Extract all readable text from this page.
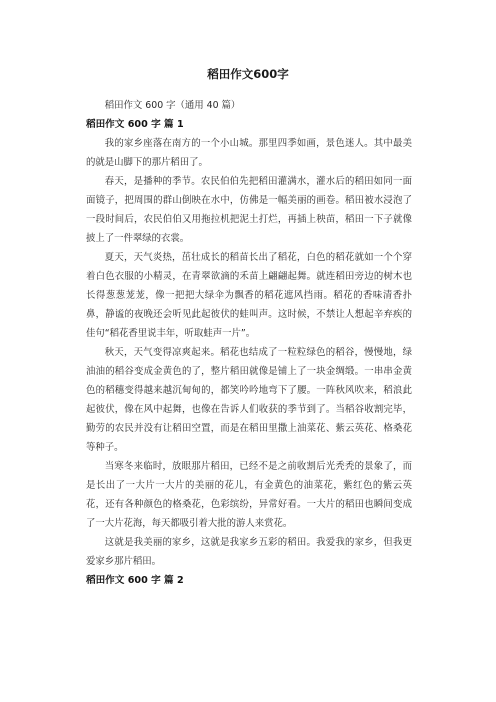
稻田作文600字

稻田作文 600 字（通用 40 篇）

稻田作文 600 字 篇 1

我的家乡座落在南方的一个小山城。那里四季如画，景色迷人。其中最美的就是山脚下的那片稻田了。

春天，是播种的季节。农民伯伯先把稻田灌满水，灌水后的稻田如同一面面镜子，把周围的群山倒映在水中，仿佛是一幅美丽的画卷。稻田被水浸泡了一段时间后，农民伯伯又用拖拉机把泥土打烂，再插上秧苗，稻田一下子就像披上了一件翠绿的衣裳。

夏天，天气炎热，茁壮成长的稻苗长出了稻花，白色的稻花就如一个个穿着白色衣服的小精灵，在青翠欲滴的禾苗上翩翩起舞。就连稻田旁边的树木也长得葱葱茏茏，像一把把大绿伞为飘香的稻花遮风挡雨。稻花的香味清香扑鼻，静谧的夜晚还会听见此起彼伏的蛙叫声。这时候，不禁让人想起辛弃疾的佳句“稻花香里说丰年，听取蛙声一片”。

秋天，天气变得凉爽起来。稻花也结成了一粒粒绿色的稻谷，慢慢地，绿油油的稻谷变成金黄色的了，整片稻田就像是铺上了一块金绸缎。一串串金黄色的稻穗变得越来越沉甸甸的，都笑吟吟地弯下了腰。一阵秋风吹来，稻浪此起彼伏，像在风中起舞，也像在告诉人们收获的季节到了。当稻谷收割完毕，勤劳的农民并没有让稻田空置，而是在稻田里撒上油菜花、紫云英花、格桑花等种子。

当寒冬来临时，放眼那片稻田，已经不是之前收割后光秃秃的景象了，而是长出了一大片一大片的美丽的花儿，有金黄色的油菜花，紫红色的紫云英花，还有各种颜色的格桑花，色彩缤纷，异常好看。一大片的稻田也瞬间变成了一大片花海，每天都吸引着大批的游人来赏花。

这就是我美丽的家乡，这就是我家乡五彩的稻田。我爱我的家乡，但我更爱家乡那片稻田。

稻田作文 600 字 篇 2
